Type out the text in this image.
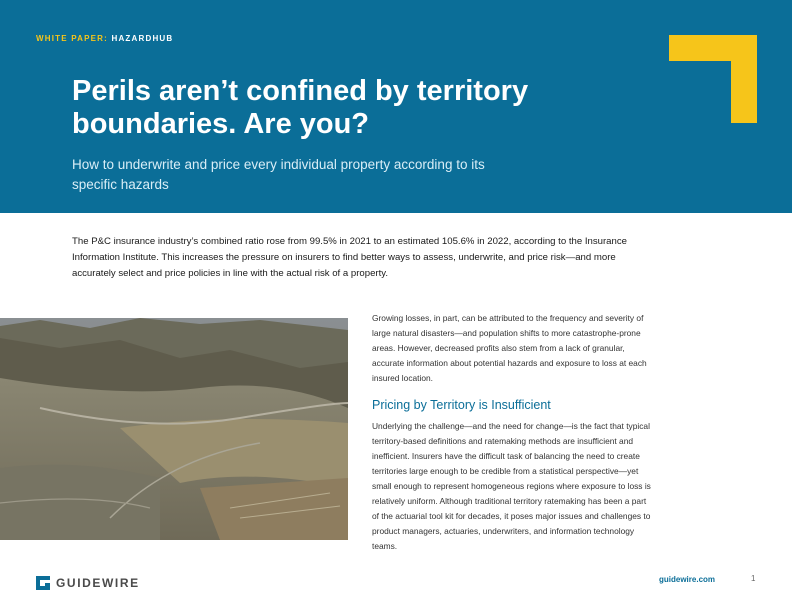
WHITE PAPER: HAZARDHUB
Perils aren’t confined by territory boundaries. Are you?

How to underwrite and price every individual property according to its specific hazards

The P&C insurance industry’s combined ratio rose from 99.5% in 2021 to an estimated 105.6% in 2022, according to the Insurance Information Institute. This increases the pressure on insurers to find better ways to assess, underwrite, and price risk—and more accurately select and price policies in line with the actual risk of a property.

Growing losses, in part, can be attributed to the frequency and severity of large natural disasters—and population shifts to more catastrophe-prone areas. However, decreased profits also stem from a lack of granular, accurate information about potential hazards and exposure to loss at each insured location.

Pricing by Territory is Insufficient

Underlying the challenge—and the need for change—is the fact that typical territory-based definitions and ratemaking methods are insufficient and inefficient. Insurers have the difficult task of balancing the need to create territories large enough to be credible from a statistical perspective—yet small enough to represent homogeneous regions where exposure to loss is relatively uniform. Although traditional territory ratemaking has been a part of the actuarial tool kit for decades, it poses major issues and challenges to product managers, actuaries, underwriters, and information technology teams.

GUIDEWIRE	guidewire.com	1
